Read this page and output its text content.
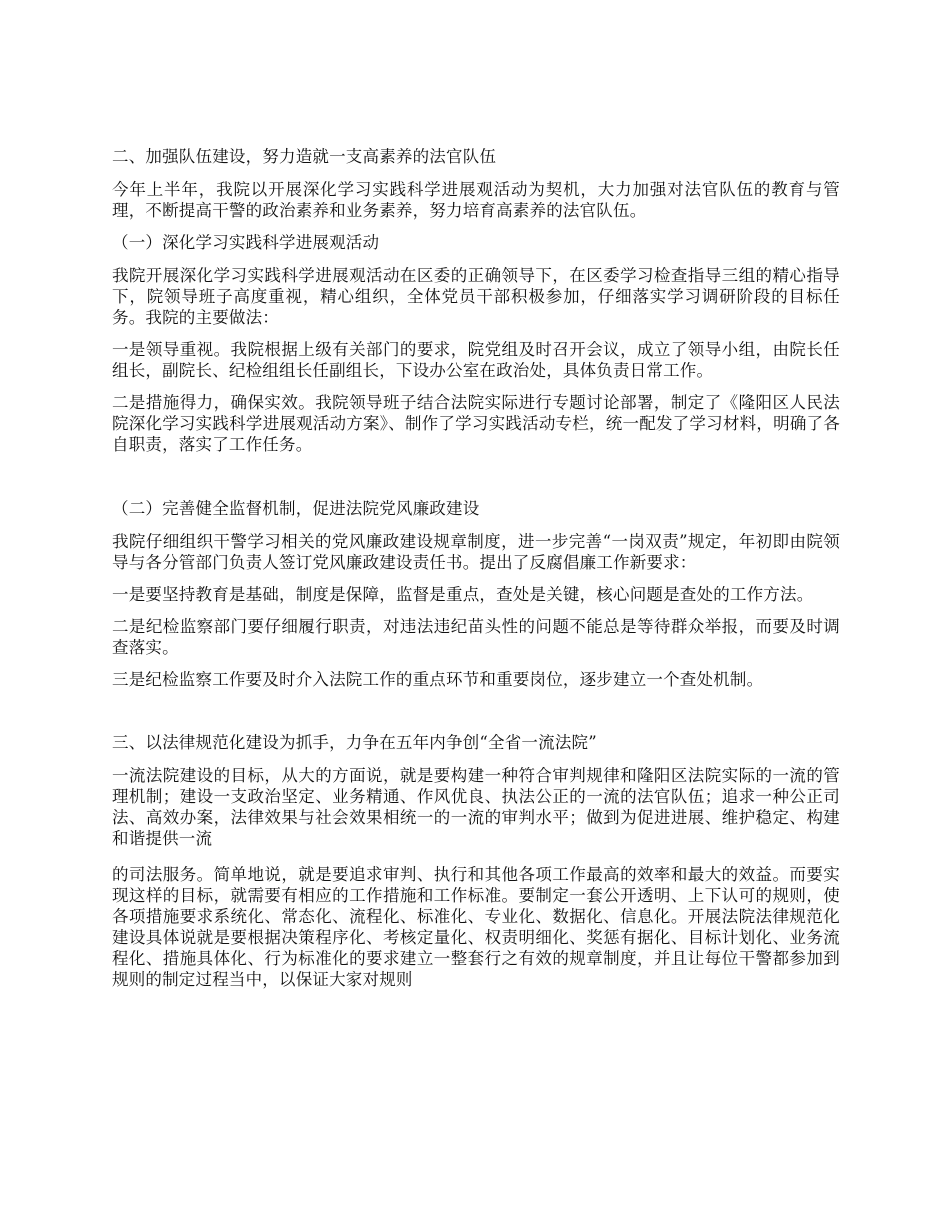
二、加强队伍建设，努力造就一支高素养的法官队伍

今年上半年，我院以开展深化学习实践科学进展观活动为契机，大力加强对法官队伍的教育与管理，不断提高干警的政治素养和业务素养，努力培育高素养的法官队伍。

（一）深化学习实践科学进展观活动

我院开展深化学习实践科学进展观活动在区委的正确领导下，在区委学习检查指导三组的精心指导下，院领导班子高度重视，精心组织，全体党员干部积极参加，仔细落实学习调研阶段的目标任务。我院的主要做法：

一是领导重视。我院根据上级有关部门的要求，院党组及时召开会议，成立了领导小组，由院长任组长，副院长、纪检组组长任副组长，下设办公室在政治处，具体负责日常工作。

二是措施得力，确保实效。我院领导班子结合法院实际进行专题讨论部署，制定了《隆阳区人民法院深化学习实践科学进展观活动方案》、制作了学习实践活动专栏，统一配发了学习材料，明确了各自职责，落实了工作任务。

（二）完善健全监督机制，促进法院党风廉政建设

我院仔细组织干警学习相关的党风廉政建设规章制度，进一步完善“一岗双责”规定，年初即由院领导与各分管部门负责人签订党风廉政建设责任书。提出了反腐倡廉工作新要求：

一是要坚持教育是基础，制度是保障，监督是重点，查处是关键，核心问题是查处的工作方法。

二是纪检监察部门要仔细履行职责，对违法违纪苗头性的问题不能总是等待群众举报，而要及时调查落实。

三是纪检监察工作要及时介入法院工作的重点环节和重要岗位，逐步建立一个查处机制。

三、以法律规范化建设为抓手，力争在五年内争创“全省一流法院”

一流法院建设的目标，从大的方面说，就是要构建一种符合审判规律和隆阳区法院实际的一流的管理机制；建设一支政治坚定、业务精通、作风优良、执法公正的一流的法官队伍；追求一种公正司法、高效办案，法律效果与社会效果相统一的一流的审判水平；做到为促进进展、维护稳定、构建和谐提供一流

的司法服务。简单地说，就是要追求审判、执行和其他各项工作最高的效率和最大的效益。而要实现这样的目标，就需要有相应的工作措施和工作标准。要制定一套公开透明、上下认可的规则，使各项措施要求系统化、常态化、流程化、标准化、专业化、数据化、信息化。开展法院法律规范化建设具体说就是要根据决策程序化、考核定量化、权责明细化、奖惩有据化、目标计划化、业务流程化、措施具体化、行为标准化的要求建立一整套行之有效的规章制度，并且让每位干警都参加到规则的制定过程当中，以保证大家对规则
